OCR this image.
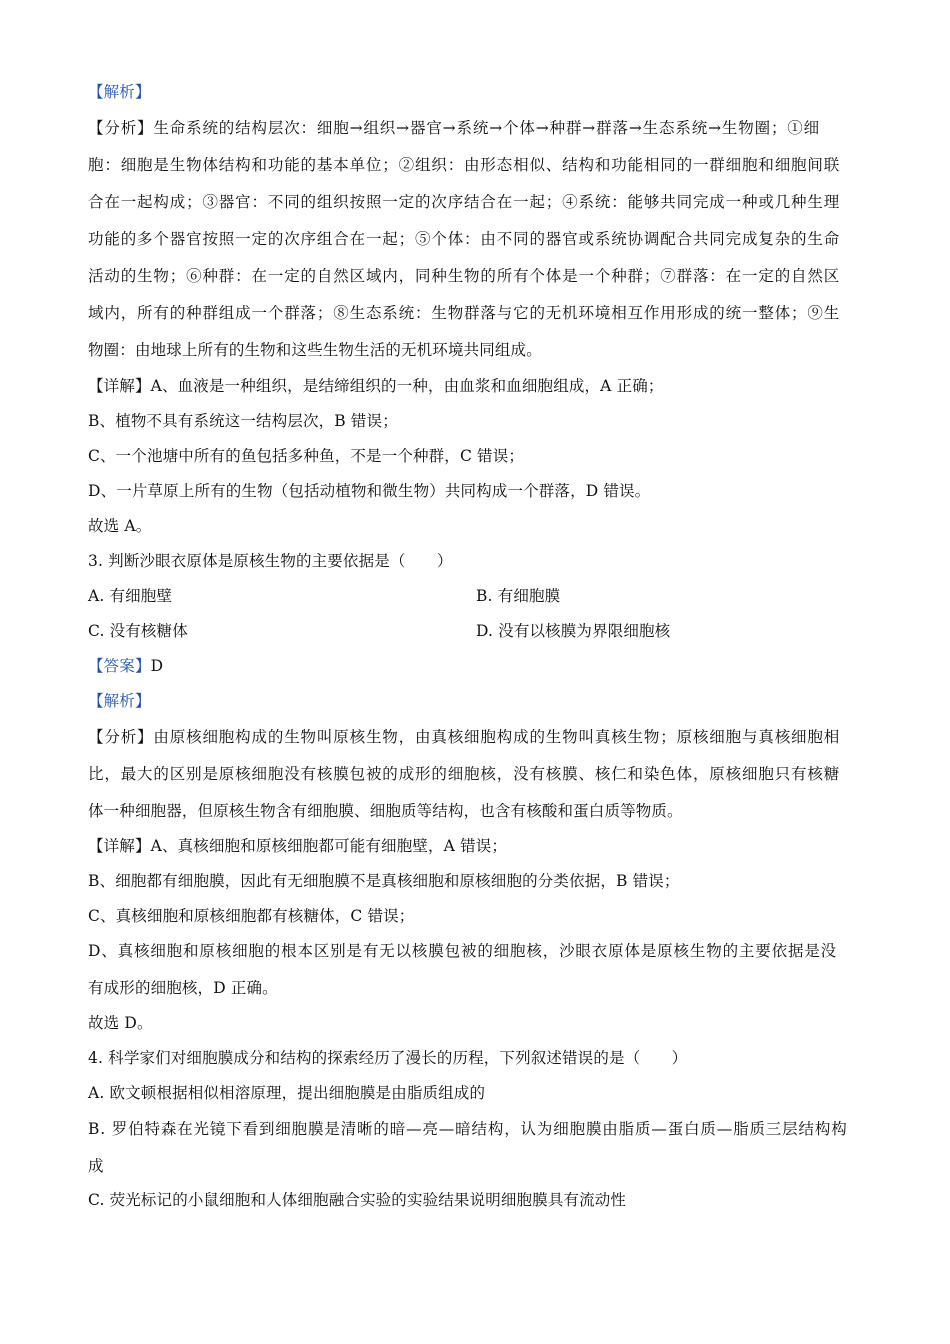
【解析】
【分析】生命系统的结构层次：细胞→组织→器官→系统→个体→种群→群落→生态系统→生物圈；①细
胞：细胞是生物体结构和功能的基本单位；②组织：由形态相似、结构和功能相同的一群细胞和细胞间联
合在一起构成；③器官：不同的组织按照一定的次序结合在一起；④系统：能够共同完成一种或几种生理
功能的多个器官按照一定的次序组合在一起；⑤个体：由不同的器官或系统协调配合共同完成复杂的生命
活动的生物；⑥种群：在一定的自然区域内，同种生物的所有个体是一个种群；⑦群落：在一定的自然区
域内，所有的种群组成一个群落；⑧生态系统：生物群落与它的无机环境相互作用形成的统一整体；⑨生
物圈：由地球上所有的生物和这些生物生活的无机环境共同组成。
【详解】A、血液是一种组织，是结缔组织的一种，由血浆和血细胞组成，A 正确；
B、植物不具有系统这一结构层次，B 错误；
C、一个池塘中所有的鱼包括多种鱼，不是一个种群，C 错误；
D、一片草原上所有的生物（包括动植物和微生物）共同构成一个群落，D 错误。
故选 A。
3. 判断沙眼衣原体是原核生物的主要依据是（　　）
A. 有细胞壁	B. 有细胞膜
C. 没有核糖体	D. 没有以核膜为界限细胞核
【答案】D
【解析】
【分析】由原核细胞构成的生物叫原核生物，由真核细胞构成的生物叫真核生物；原核细胞与真核细胞相
比，最大的区别是原核细胞没有核膜包被的成形的细胞核，没有核膜、核仁和染色体，原核细胞只有核糖
体一种细胞器，但原核生物含有细胞膜、细胞质等结构，也含有核酸和蛋白质等物质。
【详解】A、真核细胞和原核细胞都可能有细胞壁，A 错误；
B、细胞都有细胞膜，因此有无细胞膜不是真核细胞和原核细胞的分类依据，B 错误；
C、真核细胞和原核细胞都有核糖体，C 错误；
D、真核细胞和原核细胞的根本区别是有无以核膜包被的细胞核，沙眼衣原体是原核生物的主要依据是没
有成形的细胞核，D 正确。
故选 D。
4. 科学家们对细胞膜成分和结构的探索经历了漫长的历程，下列叙述错误的是（　　）
A. 欧文顿根据相似相溶原理，提出细胞膜是由脂质组成的
B. 罗伯特森在光镜下看到细胞膜是清晰的暗—亮—暗结构，认为细胞膜由脂质—蛋白质—脂质三层结构构
成
C. 荧光标记的小鼠细胞和人体细胞融合实验的实验结果说明细胞膜具有流动性
